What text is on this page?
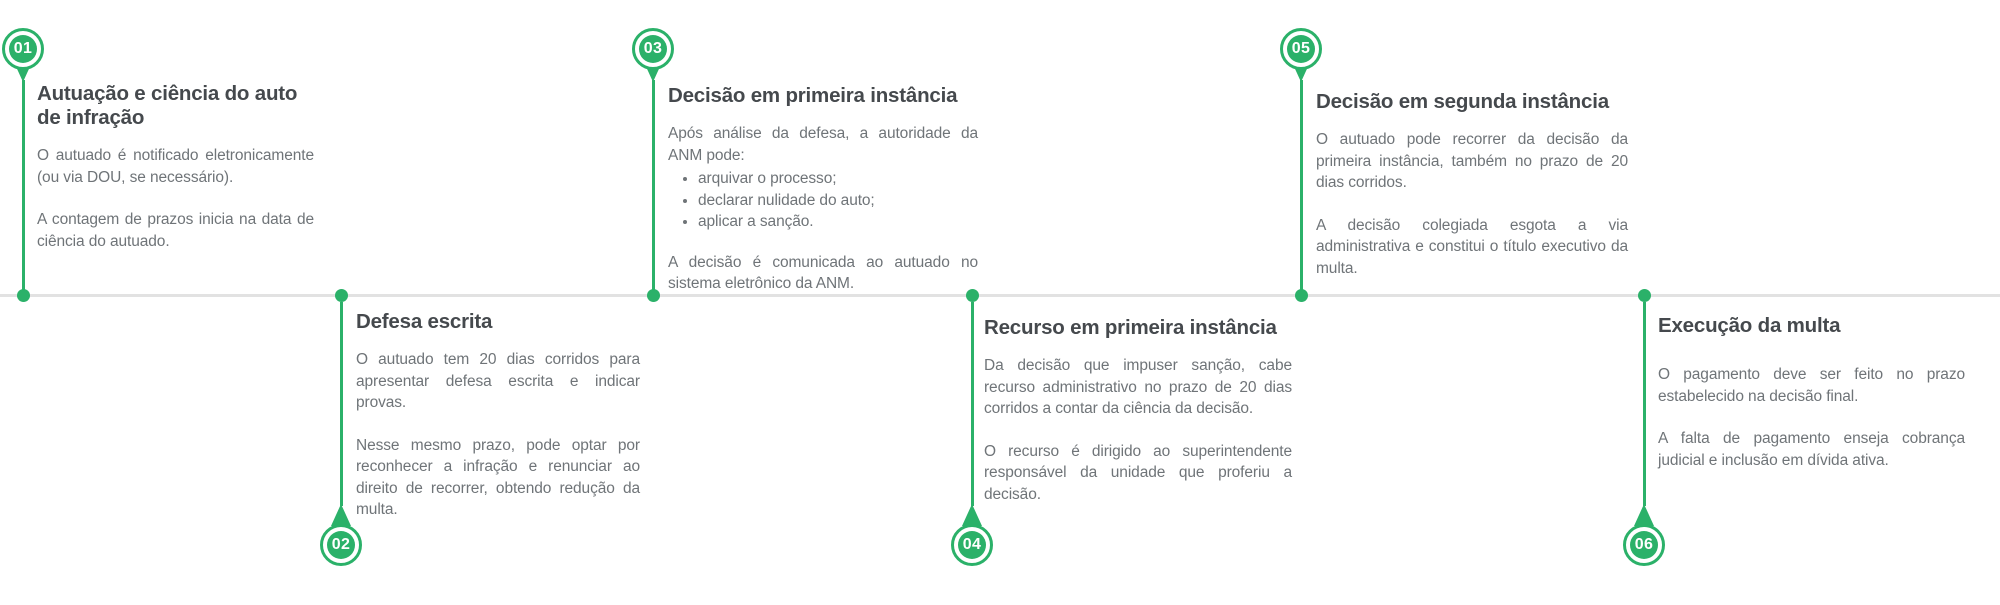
01
Autuação e ciência do auto de infração

O autuado é notificado eletronicamente (ou via DOU, se necessário).

A contagem de prazos inicia na data de ciência do autuado.

02
Defesa escrita

O autuado tem 20 dias corridos para apresentar defesa escrita e indicar provas.

Nesse mesmo prazo, pode optar por reconhecer a infração e renunciar ao direito de recorrer, obtendo redução da multa.

03
Decisão em primeira instância

Após análise da defesa, a autoridade da ANM pode:

• arquivar o processo;
• declarar nulidade do auto;
• aplicar a sanção.

A decisão é comunicada ao autuado no sistema eletrônico da ANM.

04
Recurso em primeira instância

Da decisão que impuser sanção, cabe recurso administrativo no prazo de 20 dias corridos a contar da ciência da decisão.

O recurso é dirigido ao superintendente responsável da unidade que proferiu a decisão.

05
Decisão em segunda instância

O autuado pode recorrer da decisão da primeira instância, também no prazo de 20 dias corridos.

A decisão colegiada esgota a via administrativa e constitui o título executivo da multa.

06
Execução da multa

O pagamento deve ser feito no prazo estabelecido na decisão final.

A falta de pagamento enseja cobrança judicial e inclusão em dívida ativa.
